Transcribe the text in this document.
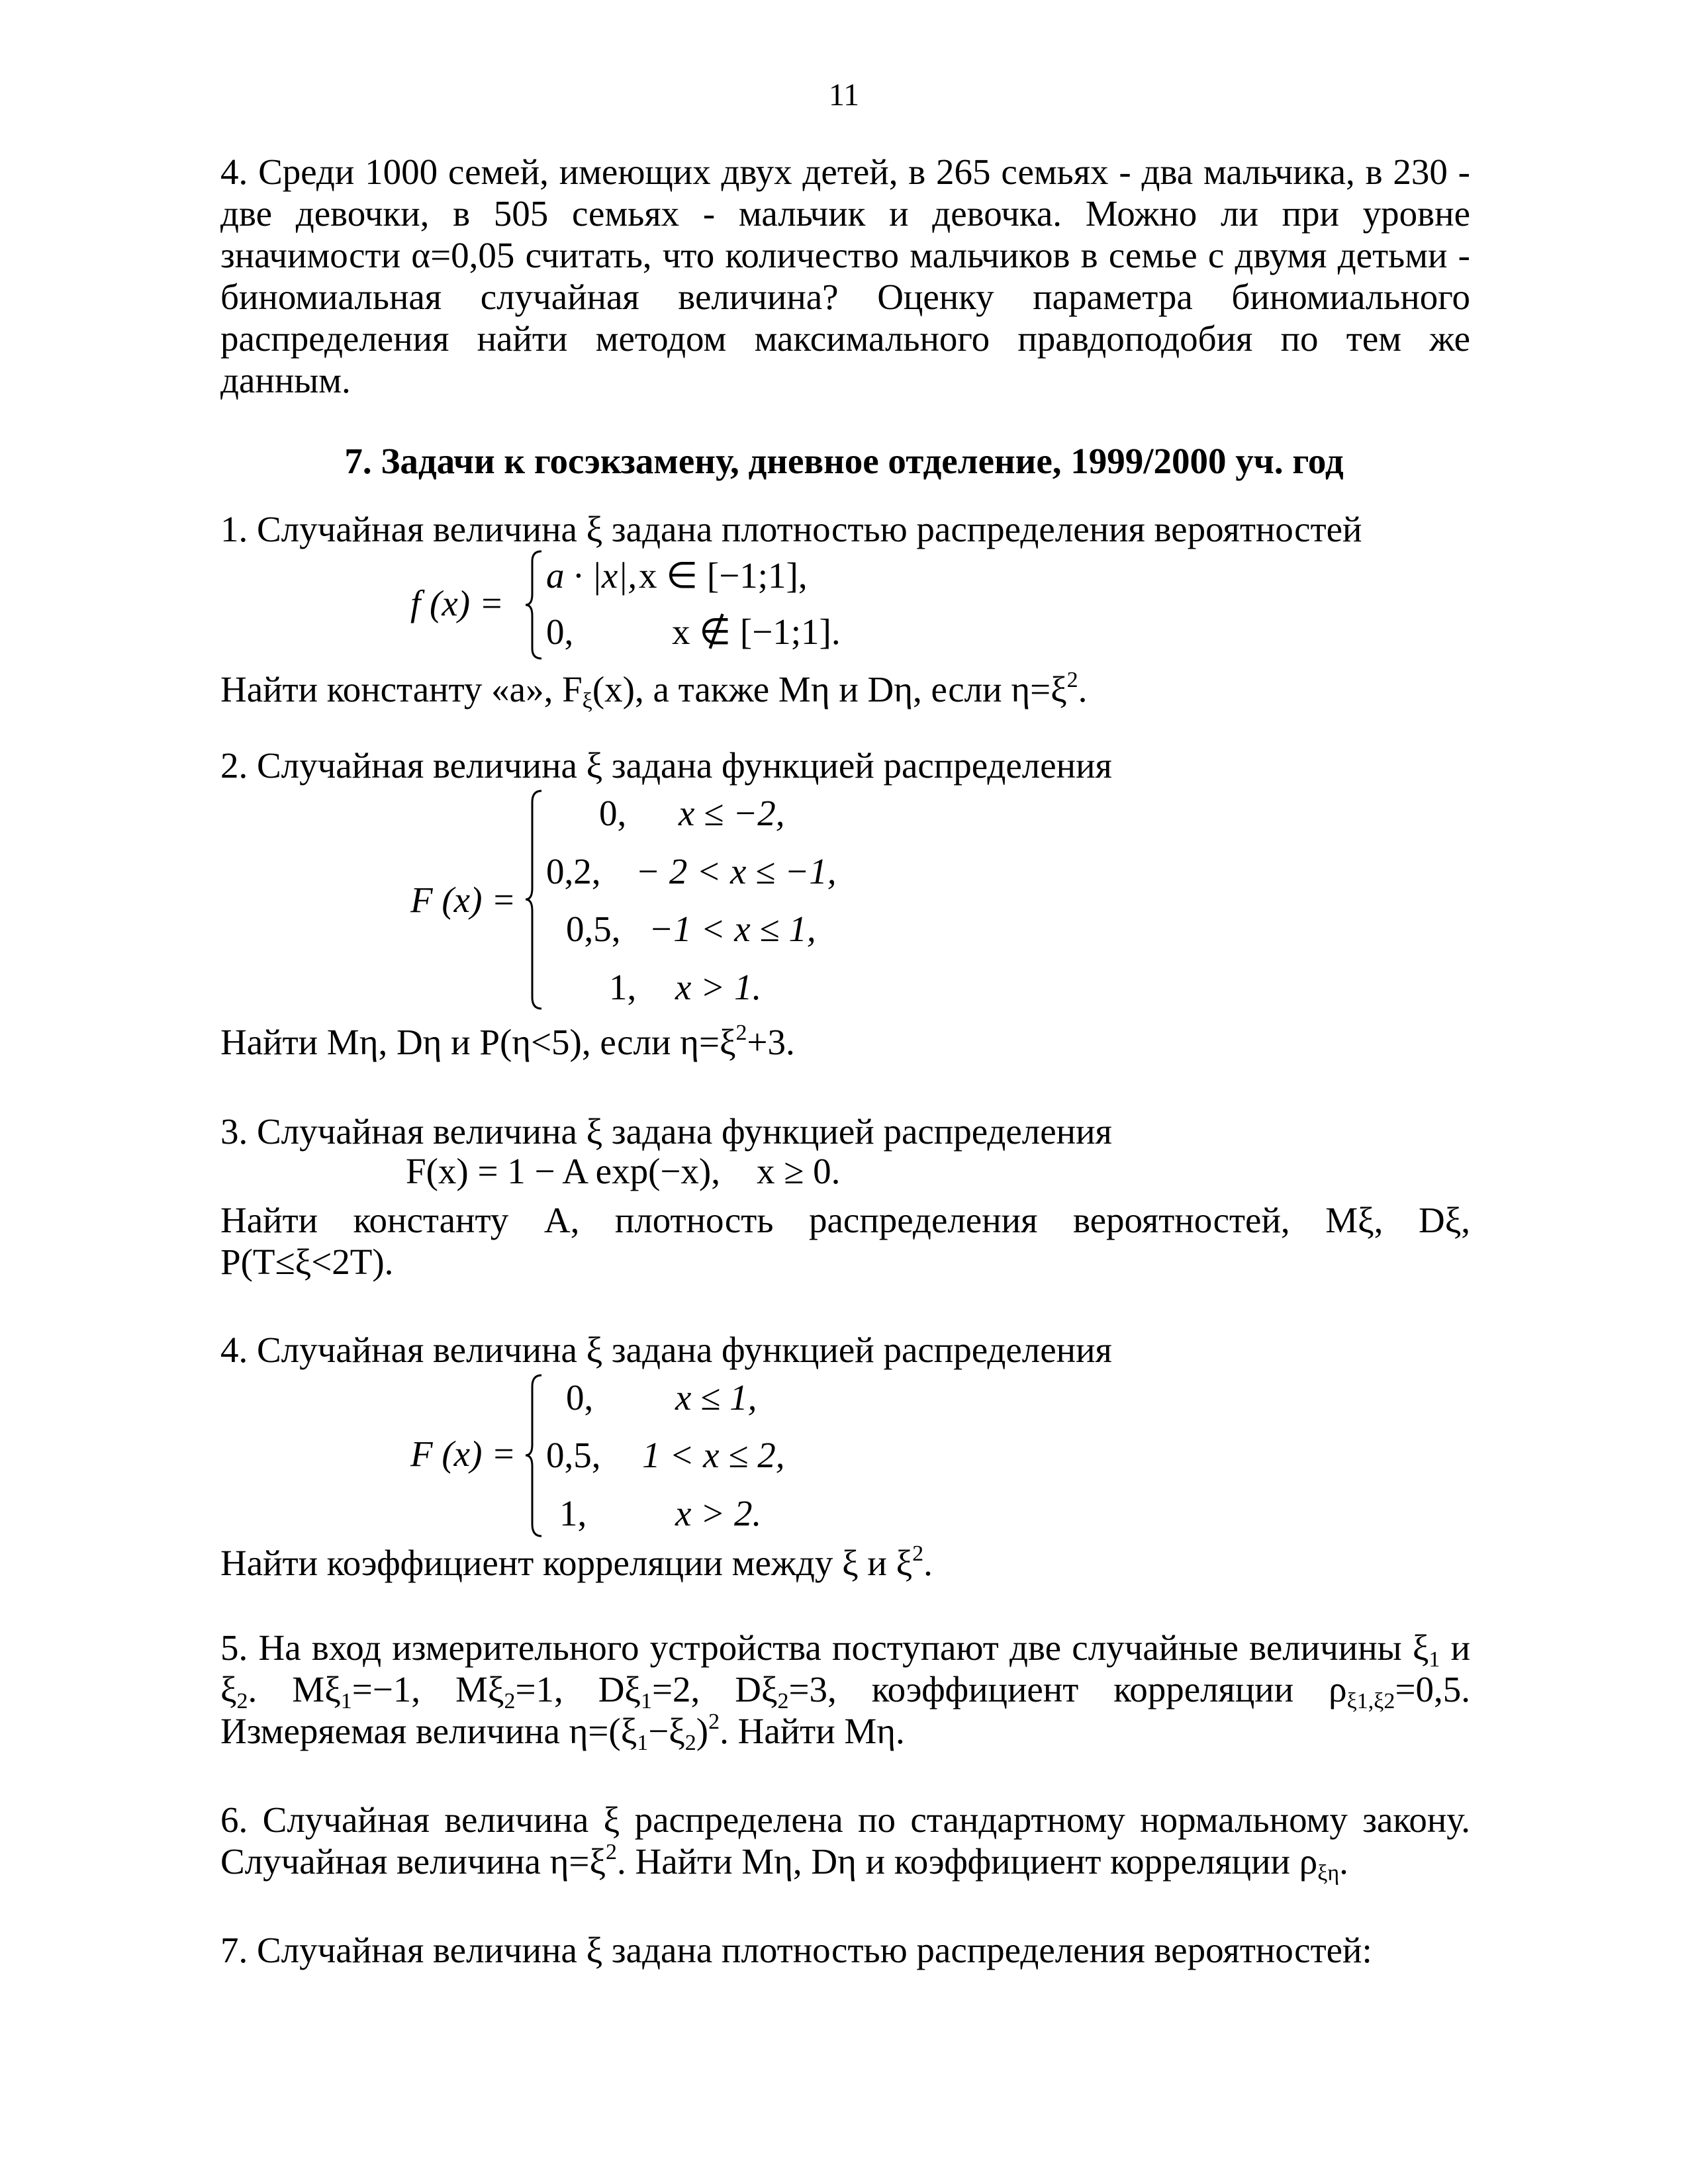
11
4. Среди 1000 семей, имеющих двух детей, в 265 семьях - два мальчика, в 230 -
две девочки, в 505 семьях - мальчик и девочка. Можно ли при уровне
значимости α=0,05 считать, что количество мальчиков в семье с двумя детьми -
биномиальная случайная величина? Оценку параметра биномиального
распределения найти методом максимального правдоподобия по тем же
данным.
7. Задачи к госэкзамену, дневное отделение, 1999/2000 уч. год
1. Случайная величина ξ задана плотностью распределения вероятностей
f (x) =
a · |x|, x ∈ [−1;1],
0,	x ∉ [−1;1].
Найти константу «а», $F_\xi(x)$, а также Mη и Dη, если $\eta=\xi^2$.
2. Случайная величина ξ задана функцией распределения
F (x) =
0, x ≤ −2,
0,2, − 2 < x ≤ −1,
0,5, −1 < x ≤ 1,
1, x > 1.
Найти Mη, Dη и P(η<5), если $\eta=\xi^2+3$.
3. Случайная величина ξ задана функцией распределения
F(x) = 1 − A exp(−x),    x ≥ 0.
Найти константу A, плотность распределения вероятностей, Mξ, Dξ,
P(T≤ξ<2T).
4. Случайная величина ξ задана функцией распределения
F (x) =
0, x ≤ 1,
0,5, 1 < x ≤ 2,
1, x > 2.
Найти коэффициент корреляции между ξ и $\xi^2$.
5. На вход измерительного устройства поступают две случайные величины $\xi_1$ и
$\xi_2$. $M\xi_1=-1$, $M\xi_2=1$, $D\xi_1=2$, $D\xi_2=3$, коэффициент корреляции $\rho_{\xi 1,\xi 2}=0,5$.
Измеряемая величина $\eta=(\xi_1-\xi_2)^2$. Найти Mη.
6. Случайная величина ξ распределена по стандартному нормальному закону.
Случайная величина $\eta=\xi^2$. Найти Mη, Dη и коэффициент корреляции $\rho_{\xi\eta}$.
7. Случайная величина ξ задана плотностью распределения вероятностей:
